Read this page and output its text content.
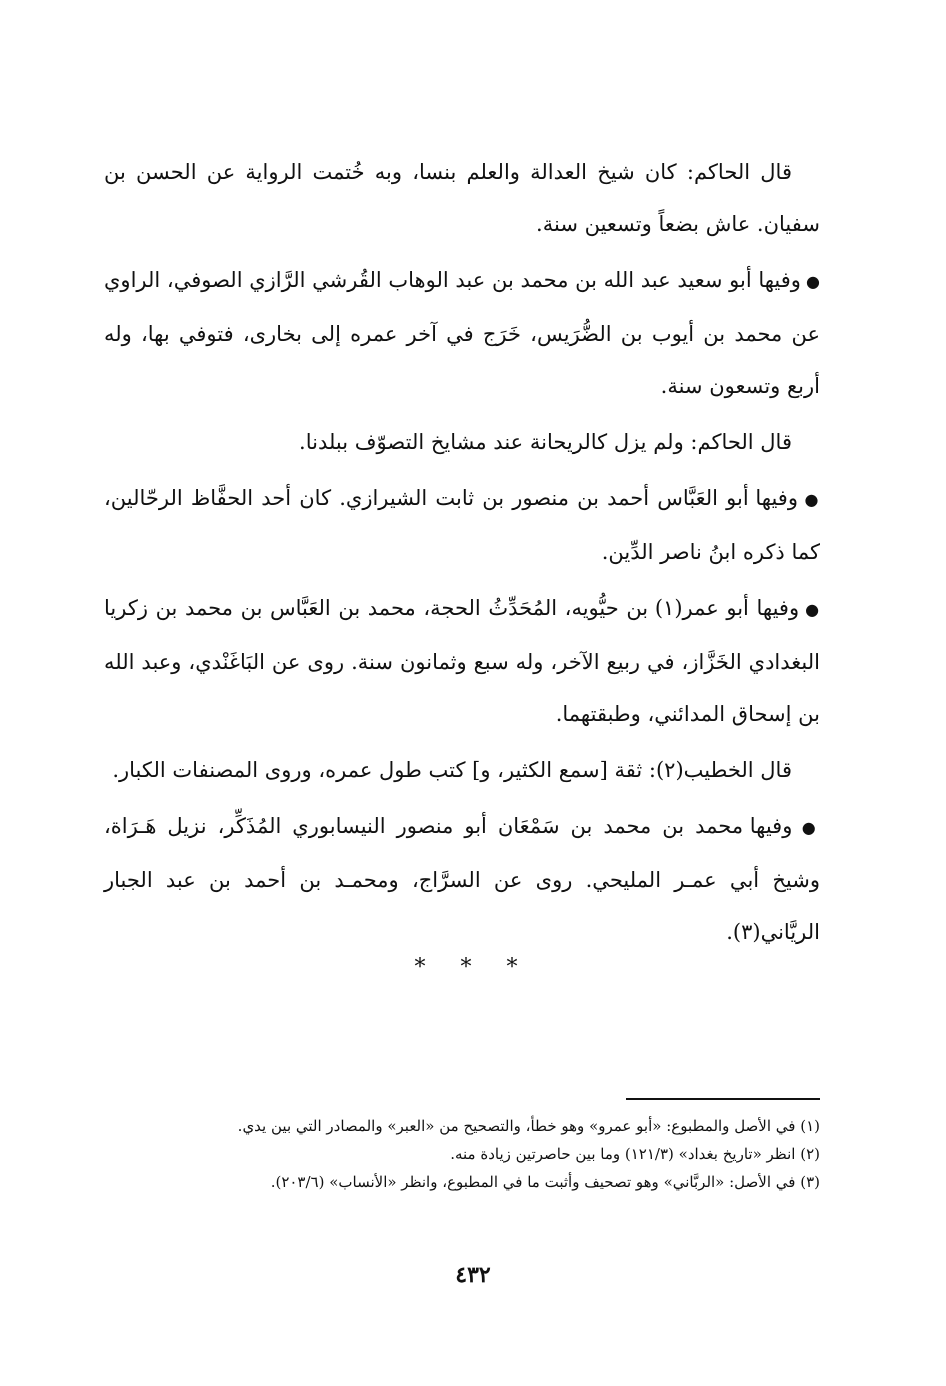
قال الحاكم: كان شيخ العدالة والعلم بنسا، وبه خُتمت الرواية عن الحسن بن سفيان. عاش بضعاً وتسعين سنة.

● وفيها أبو سعيد عبد الله بن محمد بن عبد الوهاب القُرشي الرَّازي الصوفي، الراوي عن محمد بن أيوب بن الضُّرَيس، خَرَج في آخر عمره إلى بخارى، فتوفي بها، وله أربع وتسعون سنة.

قال الحاكم: ولم يزل كالريحانة عند مشايخ التصوّف ببلدنا.

● وفيها أبو العَبَّاس أحمد بن منصور بن ثابت الشيرازي. كان أحد الحفَّاظ الرحّالين، كما ذكره ابنُ ناصر الدِّين.

● وفيها أبو عمر(١) بن حيُّويه، المُحَدِّثُ الحجة، محمد بن العَبَّاس بن محمد بن زكريا البغدادي الخَزَّاز، في ربيع الآخر، وله سبع وثمانون سنة. روى عن البَاغَنْدي، وعبد الله بن إسحاق المدائني، وطبقتهما.

قال الخطيب(٢): ثقة [سمع الكثير، و] كتب طول عمره، وروى المصنفات الكبار.

● وفيها محمد بن محمد بن سَمْعَان أبو منصور النيسابوري المُذَكِّر، نزيل هَـرَاة، وشيخ أبي عمـر المليحي. روى عن السرَّاج، ومحمـد بن أحمد بن عبد الجبار الريَّاني(٣).

* * *

(١) في الأصل والمطبوع: «أبو عمرو» وهو خطأ، والتصحيح من «العبر» والمصادر التي بين يدي.

(٢) انظر «تاريخ بغداد» (١٢١/٣) وما بين حاصرتين زيادة منه.

(٣) في الأصل: «الربَّاني» وهو تصحيف وأثبت ما في المطبوع، وانظر «الأنساب» (٢٠٣/٦).

٤٣٢
